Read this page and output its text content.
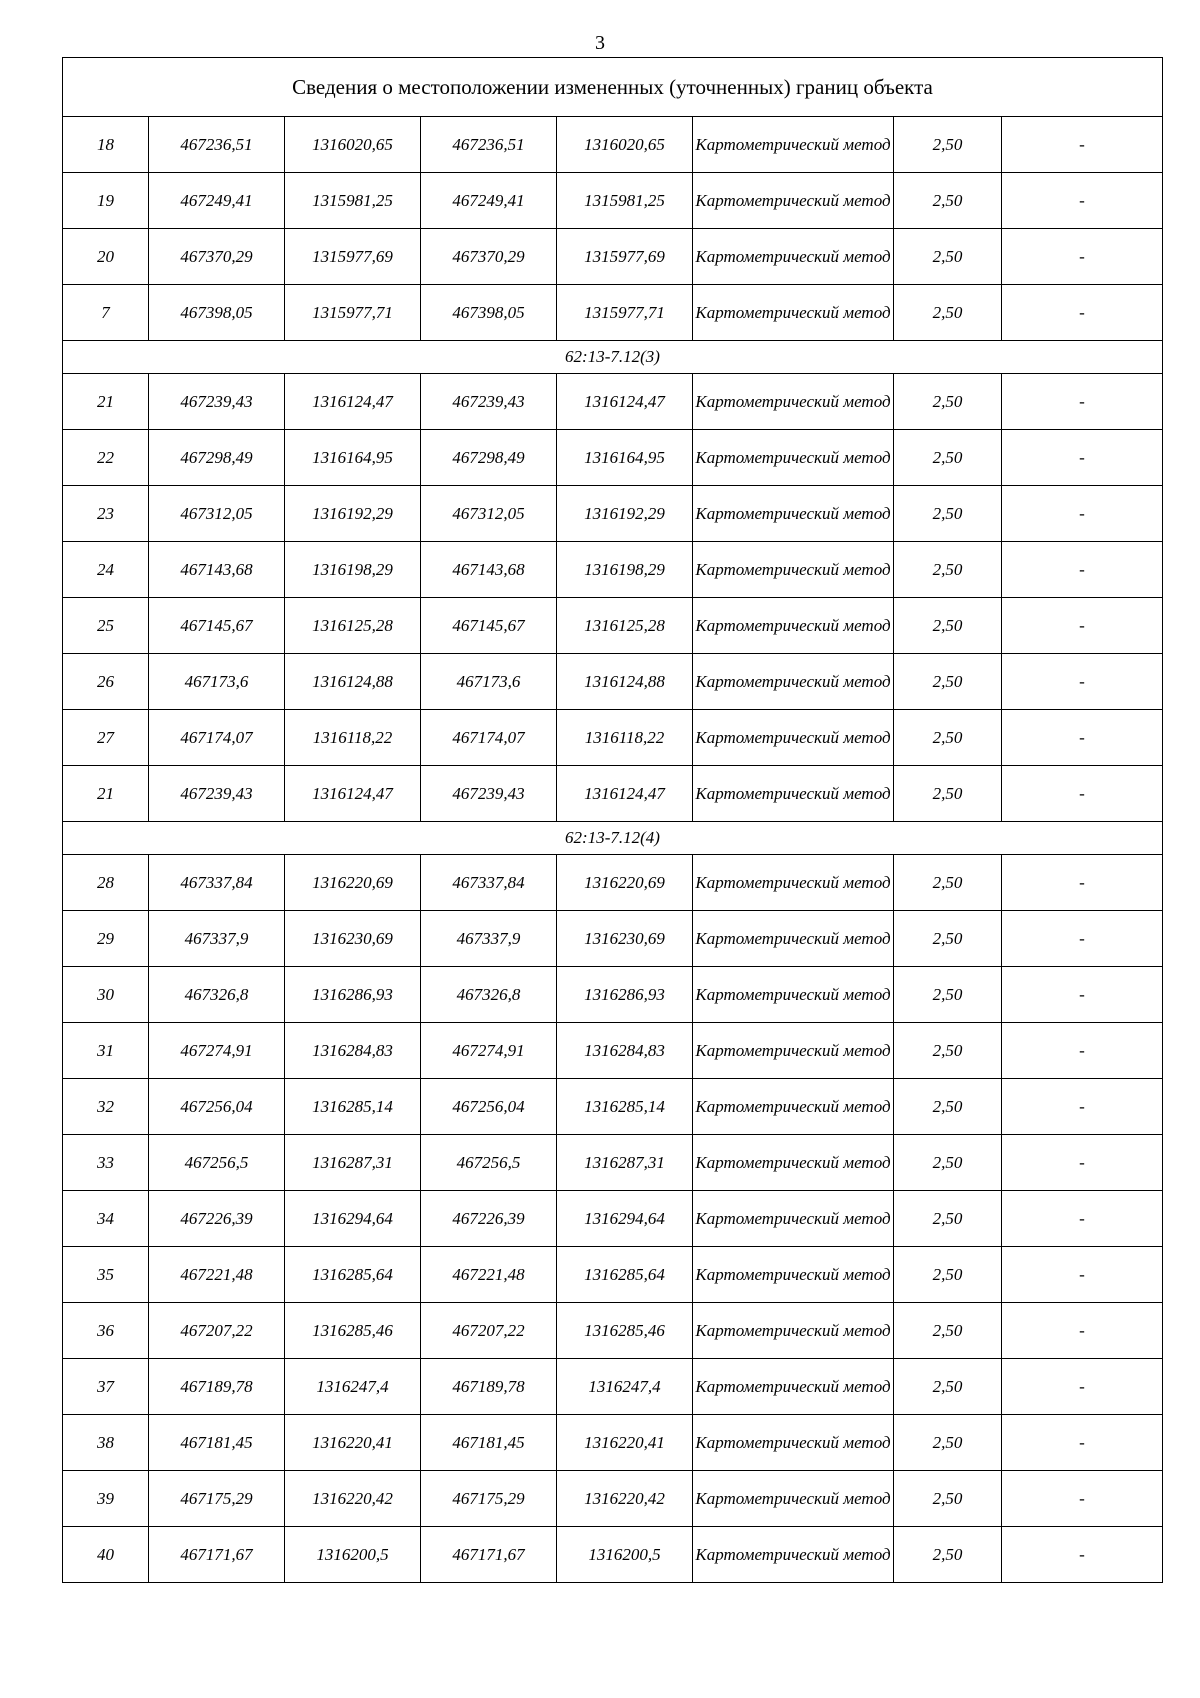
3
Сведения о местоположении измененных (уточненных) границ объекта							
18	467236,51	1316020,65	467236,51	1316020,65	Картометрический метод	2,50	-
19	467249,41	1315981,25	467249,41	1315981,25	Картометрический метод	2,50	-
20	467370,29	1315977,69	467370,29	1315977,69	Картометрический метод	2,50	-
7	467398,05	1315977,71	467398,05	1315977,71	Картометрический метод	2,50	-
62:13-7.12(3)							
21	467239,43	1316124,47	467239,43	1316124,47	Картометрический метод	2,50	-
22	467298,49	1316164,95	467298,49	1316164,95	Картометрический метод	2,50	-
23	467312,05	1316192,29	467312,05	1316192,29	Картометрический метод	2,50	-
24	467143,68	1316198,29	467143,68	1316198,29	Картометрический метод	2,50	-
25	467145,67	1316125,28	467145,67	1316125,28	Картометрический метод	2,50	-
26	467173,6	1316124,88	467173,6	1316124,88	Картометрический метод	2,50	-
27	467174,07	1316118,22	467174,07	1316118,22	Картометрический метод	2,50	-
21	467239,43	1316124,47	467239,43	1316124,47	Картометрический метод	2,50	-
62:13-7.12(4)							
28	467337,84	1316220,69	467337,84	1316220,69	Картометрический метод	2,50	-
29	467337,9	1316230,69	467337,9	1316230,69	Картометрический метод	2,50	-
30	467326,8	1316286,93	467326,8	1316286,93	Картометрический метод	2,50	-
31	467274,91	1316284,83	467274,91	1316284,83	Картометрический метод	2,50	-
32	467256,04	1316285,14	467256,04	1316285,14	Картометрический метод	2,50	-
33	467256,5	1316287,31	467256,5	1316287,31	Картометрический метод	2,50	-
34	467226,39	1316294,64	467226,39	1316294,64	Картометрический метод	2,50	-
35	467221,48	1316285,64	467221,48	1316285,64	Картометрический метод	2,50	-
36	467207,22	1316285,46	467207,22	1316285,46	Картометрический метод	2,50	-
37	467189,78	1316247,4	467189,78	1316247,4	Картометрический метод	2,50	-
38	467181,45	1316220,41	467181,45	1316220,41	Картометрический метод	2,50	-
39	467175,29	1316220,42	467175,29	1316220,42	Картометрический метод	2,50	-
40	467171,67	1316200,5	467171,67	1316200,5	Картометрический метод	2,50	-
